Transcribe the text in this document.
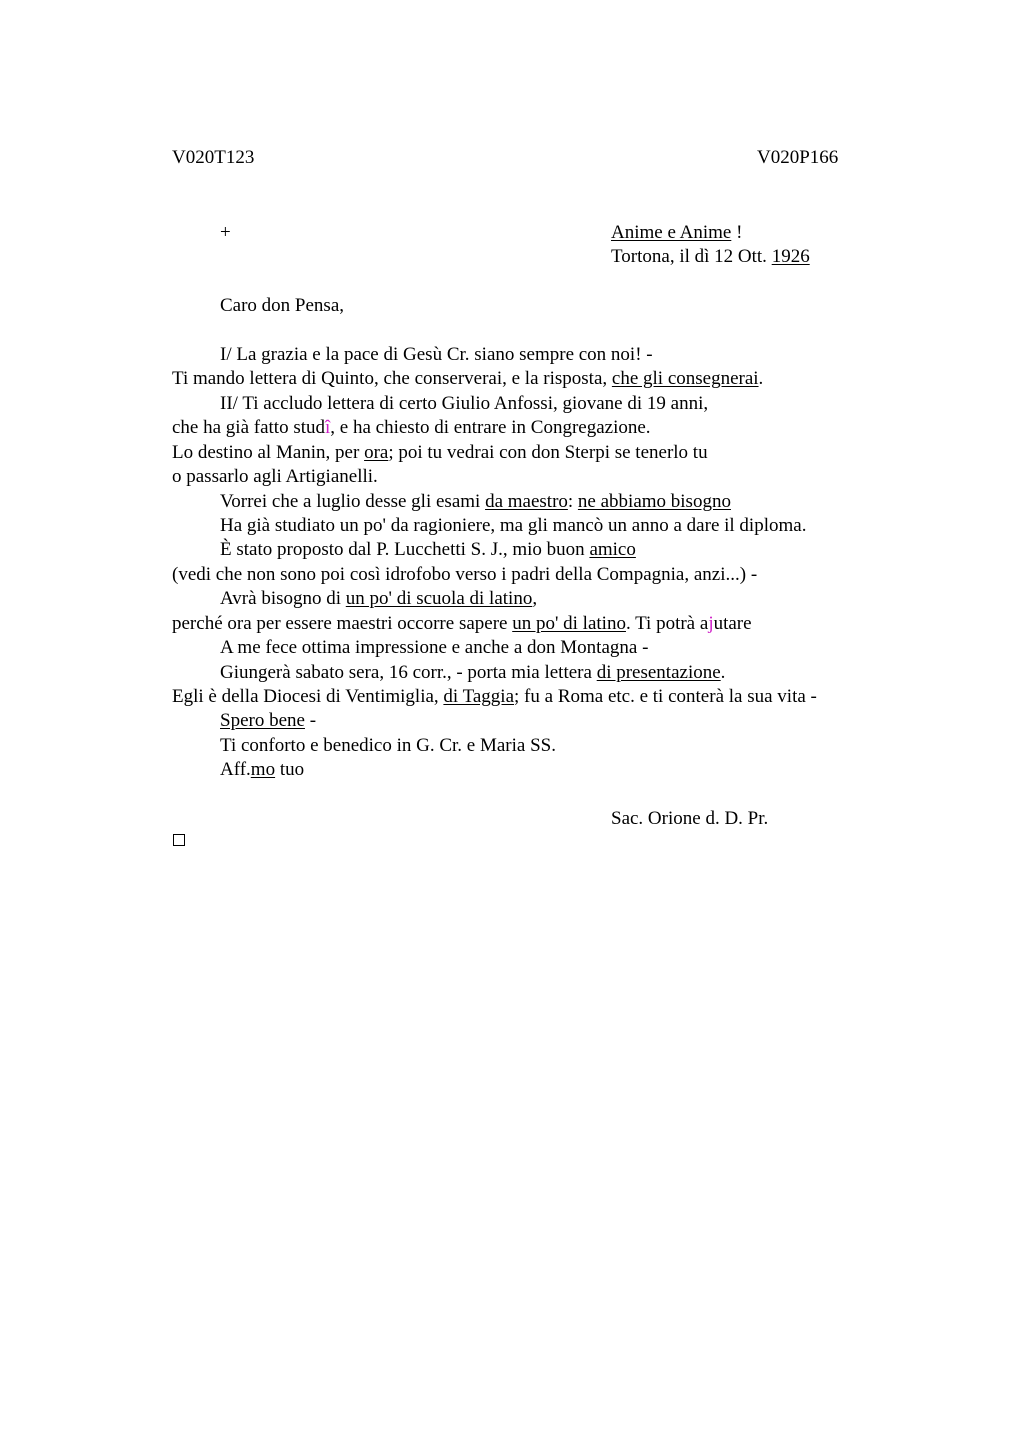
V020T123	V020P166
+	Anime e Anime !
Tortona, il dì 12 Ott. 1926
Caro don Pensa,
I/ La grazia e la pace di Gesù Cr. siano sempre con noi! -
Ti mando lettera di Quinto, che conserverai, e la risposta, che gli consegnerai.
II/ Ti accludo lettera di certo Giulio Anfossi, giovane di 19 anni,
che ha già fatto studî, e ha chiesto di entrare in Congregazione.
Lo destino al Manin, per ora; poi tu vedrai con don Sterpi se tenerlo tu
o passarlo agli Artigianelli.
Vorrei che a luglio desse gli esami da maestro: ne abbiamo bisogno
Ha già studiato un po' da ragioniere, ma gli mancò un anno a dare il diploma.
È stato proposto dal P. Lucchetti S. J., mio buon amico
(vedi che non sono poi così idrofobo verso i padri della Compagnia, anzi...) -
Avrà bisogno di un po' di scuola di latino,
perché ora per essere maestri occorre sapere un po' di latino. Ti potrà ajutare
A me fece ottima impressione e anche a don Montagna -
Giungerà sabato sera, 16 corr., - porta mia lettera di presentazione.
Egli è della Diocesi di Ventimiglia, di Taggia; fu a Roma etc. e ti conterà la sua vita -
Spero bene -
Ti conforto e benedico in G. Cr. e Maria SS.
Aff.mo tuo
Sac. Orione d. D. Pr.
